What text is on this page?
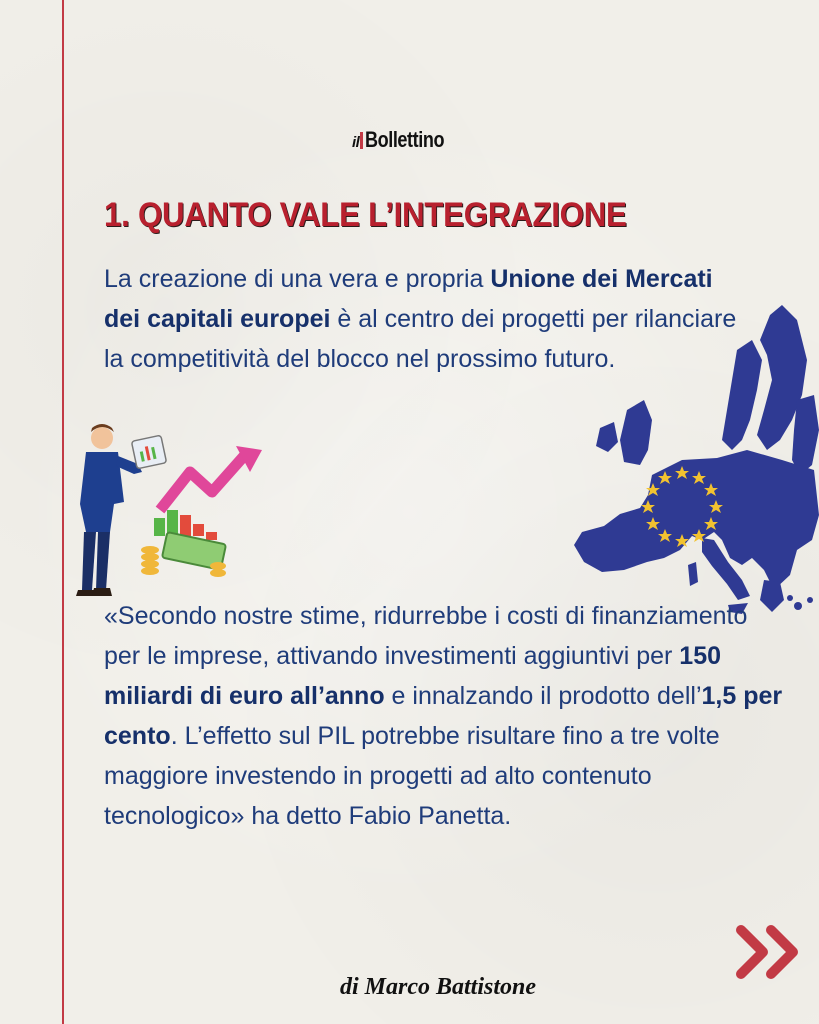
il Bollettino
1. QUANTO VALE L’INTEGRAZIONE

La creazione di una vera e propria Unione dei Mercati dei capitali europei è al centro dei progetti per rilanciare la competitività del blocco nel prossimo futuro.

«Secondo nostre stime, ridurrebbe i costi di finanziamento per le imprese, attivando investimenti aggiuntivi per 150 miliardi di euro all’anno e innalzando il prodotto dell’1,5 per cento. L’effetto sul PIL potrebbe risultare fino a tre volte maggiore investendo in progetti ad alto contenuto tecnologico» ha detto Fabio Panetta.

di Marco Battistone
